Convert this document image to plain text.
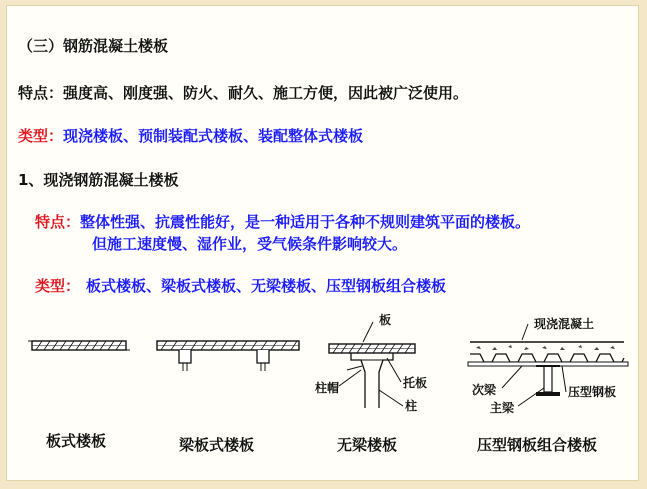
（三）钢筋混凝土楼板
特点：强度高、刚度强、防火、耐久、施工方便，因此被广泛使用。
类型：现浇楼板、预制装配式楼板、装配整体式楼板
1、现浇钢筋混凝土楼板
特点：整体性强、抗震性能好，是一种适用于各种不规则建筑平面的楼板。
但施工速度慢、湿作业，受气候条件影响较大。
类型： 板式楼板、梁板式楼板、无梁楼板、压型钢板组合楼板
板式楼板	梁板式楼板
板
柱帽	托板
柱
无梁楼板
现浇混凝土
次梁	压型钢板
主梁
压型钢板组合楼板
